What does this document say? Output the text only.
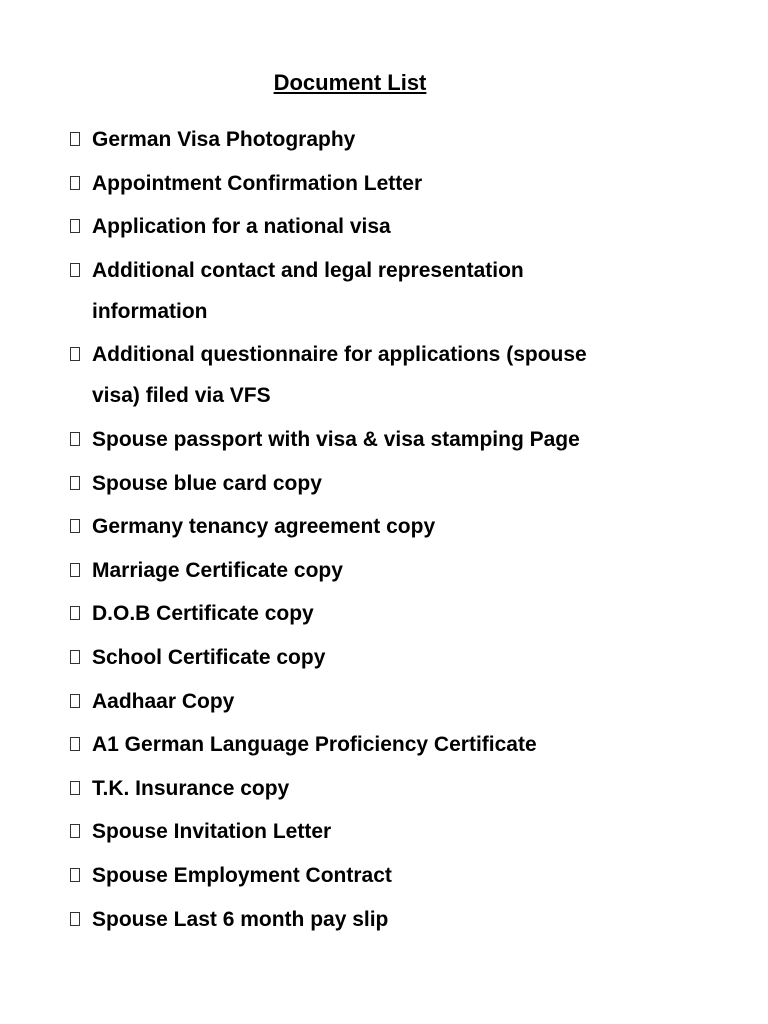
Document List
German Visa Photography
Appointment Confirmation Letter
Application for a national visa
Additional contact and legal representation information
Additional questionnaire for applications (spouse visa) filed via VFS
Spouse passport with visa & visa stamping Page
Spouse blue card copy
Germany tenancy agreement copy
Marriage Certificate copy
D.O.B Certificate copy
School Certificate copy
Aadhaar Copy
A1 German Language Proficiency Certificate
T.K. Insurance copy
Spouse Invitation Letter
Spouse Employment Contract
Spouse Last 6 month pay slip
